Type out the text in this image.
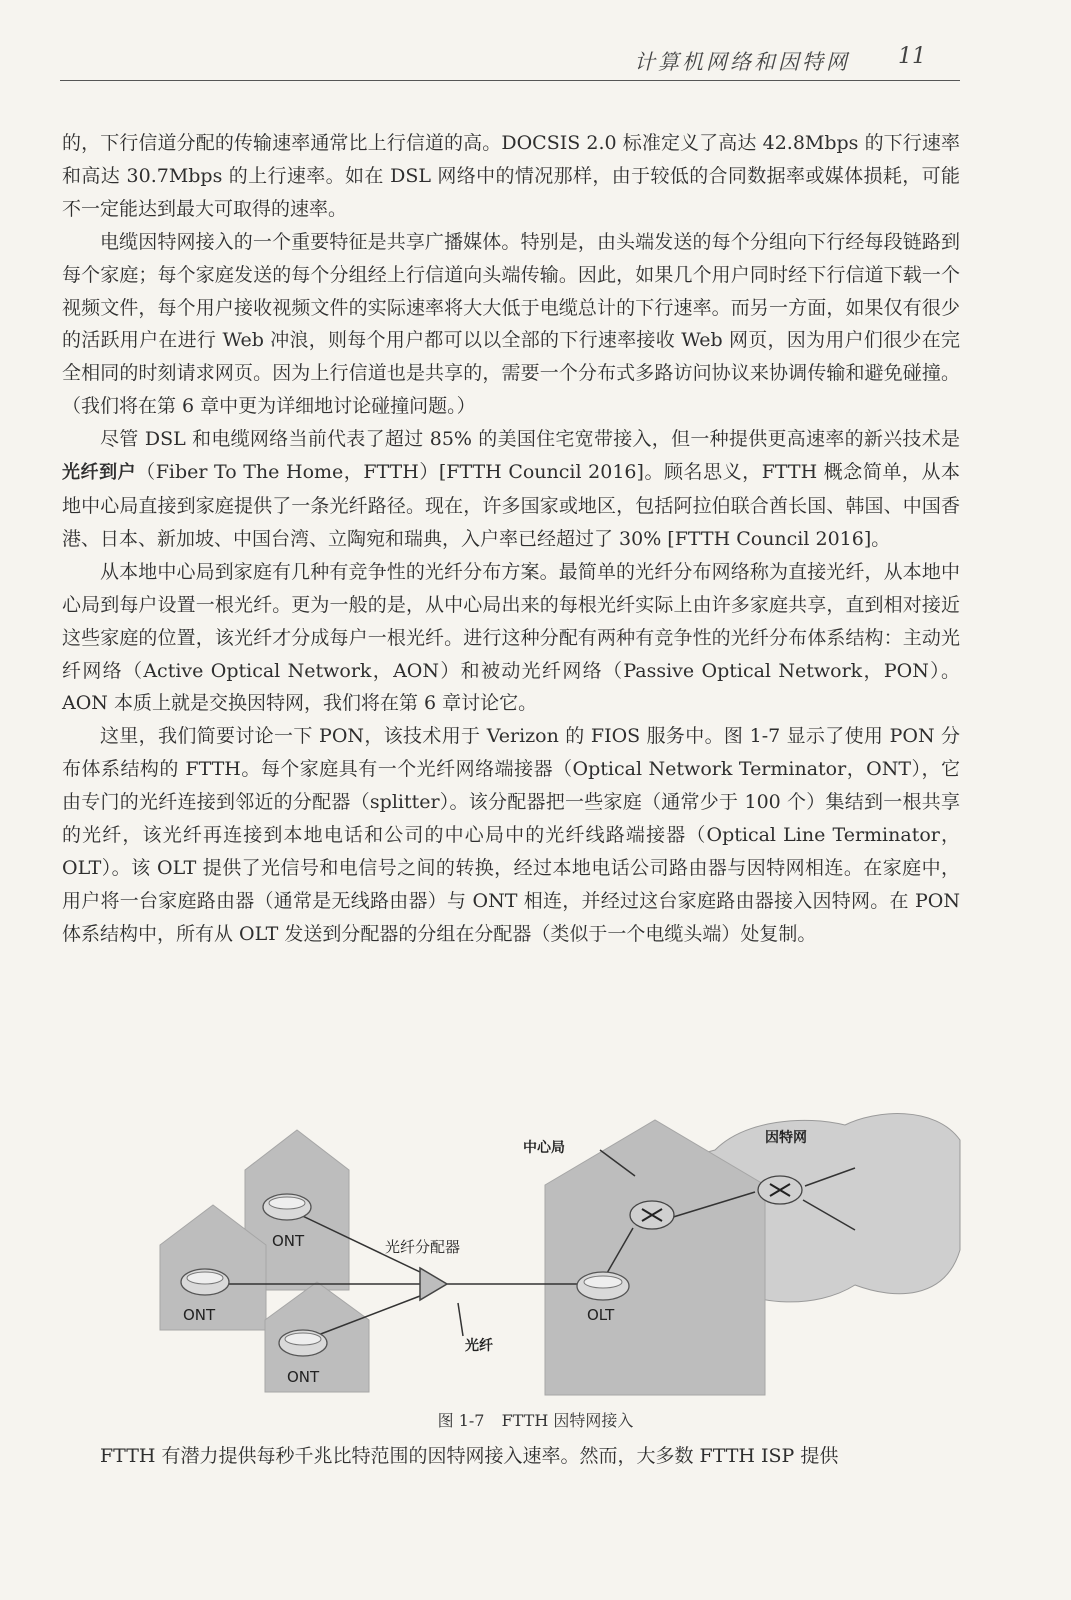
计算机网络和因特网 11

的，下行信道分配的传输速率通常比上行信道的高。DOCSIS 2.0 标准定义了高达 42.8Mbps 的下行速率和高达 30.7Mbps 的上行速率。如在 DSL 网络中的情况那样，由于较低的合同数据率或媒体损耗，可能不一定能达到最大可取得的速率。

电缆因特网接入的一个重要特征是共享广播媒体。特别是，由头端发送的每个分组向下行经每段链路到每个家庭；每个家庭发送的每个分组经上行信道向头端传输。因此，如果几个用户同时经下行信道下载一个视频文件，每个用户接收视频文件的实际速率将大大低于电缆总计的下行速率。而另一方面，如果仅有很少的活跃用户在进行 Web 冲浪，则每个用户都可以以全部的下行速率接收 Web 网页，因为用户们很少在完全相同的时刻请求网页。因为上行信道也是共享的，需要一个分布式多路访问协议来协调传输和避免碰撞。（我们将在第 6 章中更为详细地讨论碰撞问题。）

尽管 DSL 和电缆网络当前代表了超过 85% 的美国住宅宽带接入，但一种提供更高速率的新兴技术是光纤到户（Fiber To The Home，FTTH）[FTTH Council 2016]。顾名思义，FTTH 概念简单，从本地中心局直接到家庭提供了一条光纤路径。现在，许多国家或地区，包括阿拉伯联合酋长国、韩国、中国香港、日本、新加坡、中国台湾、立陶宛和瑞典，入户率已经超过了 30% [FTTH Council 2016]。

从本地中心局到家庭有几种有竞争性的光纤分布方案。最简单的光纤分布网络称为直接光纤，从本地中心局到每户设置一根光纤。更为一般的是，从中心局出来的每根光纤实际上由许多家庭共享，直到相对接近这些家庭的位置，该光纤才分成每户一根光纤。进行这种分配有两种有竞争性的光纤分布体系结构：主动光纤网络（Active Optical Network，AON）和被动光纤网络（Passive Optical Network，PON）。AON 本质上就是交换因特网，我们将在第 6 章讨论它。

这里，我们简要讨论一下 PON，该技术用于 Verizon 的 FIOS 服务中。图 1-7 显示了使用 PON 分布体系结构的 FTTH。每个家庭具有一个光纤网络端接器（Optical Network Terminator，ONT），它由专门的光纤连接到邻近的分配器（splitter）。该分配器把一些家庭（通常少于 100 个）集结到一根共享的光纤，该光纤再连接到本地电话和公司的中心局中的光纤线路端接器（Optical Line Terminator，OLT）。该 OLT 提供了光信号和电信号之间的转换，经过本地电话公司路由器与因特网相连。在家庭中，用户将一台家庭路由器（通常是无线路由器）与 ONT 相连，并经过这台家庭路由器接入因特网。在 PON 体系结构中，所有从 OLT 发送到分配器的分组在分配器（类似于一个电缆头端）处复制。

中心局
因特网
光纤分配器
光纤
ONT
ONT
ONT
OLT
图 1-7 FTTH 因特网接入

FTTH 有潜力提供每秒千兆比特范围的因特网接入速率。然而，大多数 FTTH ISP 提供
